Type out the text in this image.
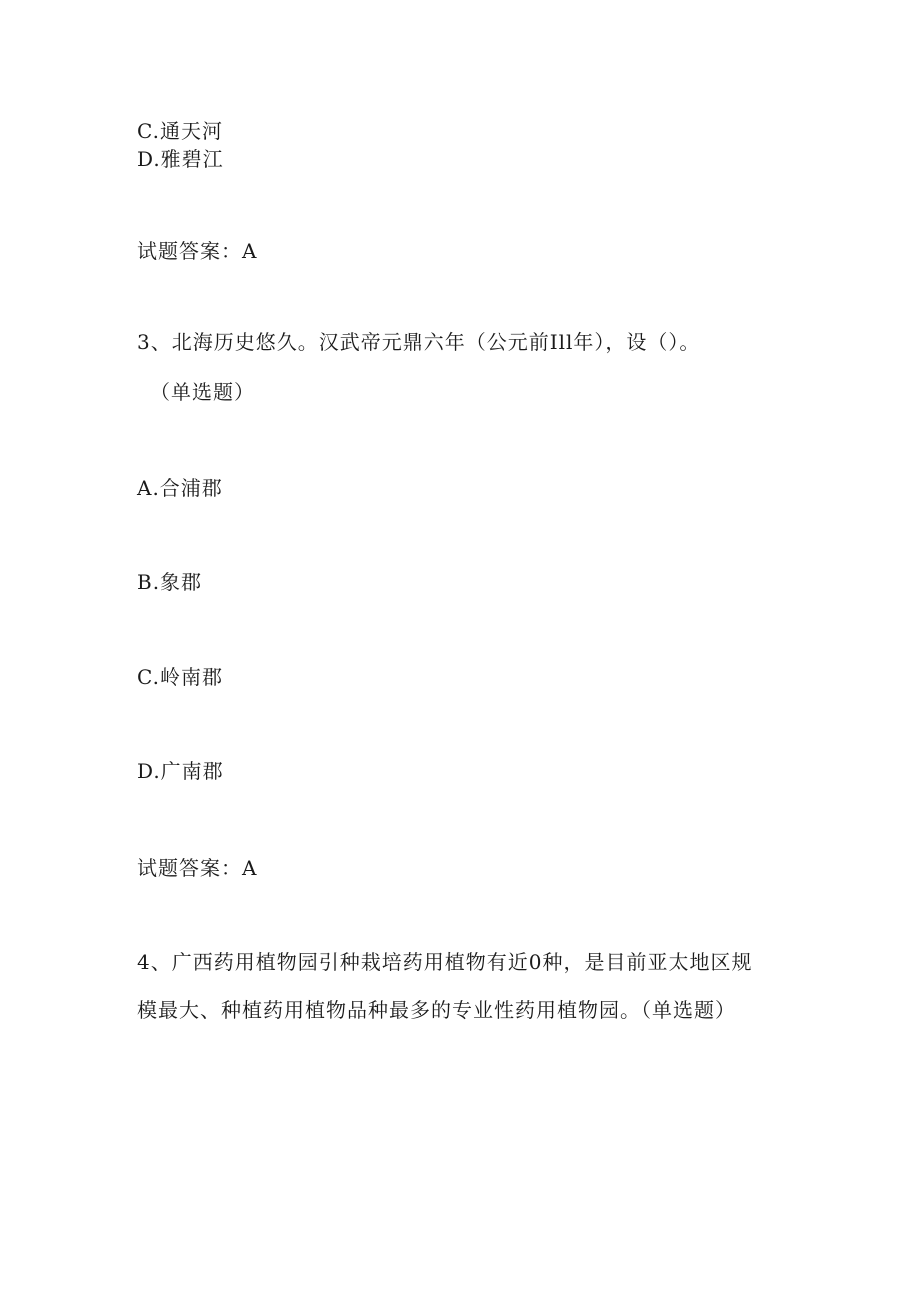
C.通天河
D.雅碧江
试题答案：A
3、北海历史悠久。汉武帝元鼎六年（公元前Ill年），设（）。
（单选题）
A.合浦郡
B.象郡
C.岭南郡
D.广南郡
试题答案：A
4、广西药用植物园引种栽培药用植物有近0种，是目前亚太地区规
模最大、种植药用植物品种最多的专业性药用植物园。（单选题）
